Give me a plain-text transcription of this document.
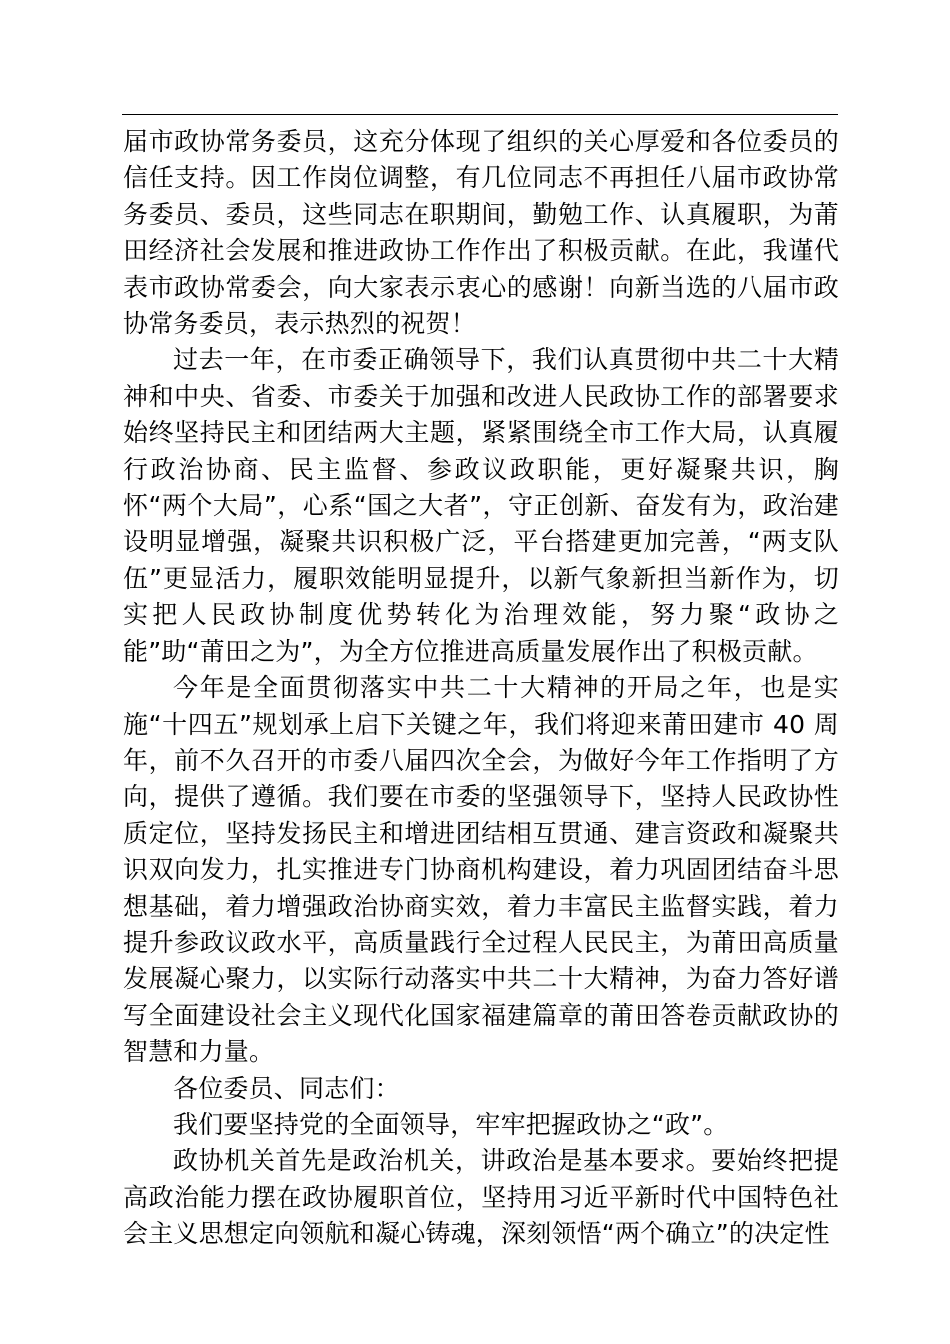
届市政协常务委员，这充分体现了组织的关心厚爱和各位委员的信任支持。因工作岗位调整，有几位同志不再担任八届市政协常务委员、委员，这些同志在职期间，勤勉工作、认真履职，为莆田经济社会发展和推进政协工作作出了积极贡献。在此，我谨代表市政协常委会，向大家表示衷心的感谢！向新当选的八届市政协常务委员，表示热烈的祝贺！

过去一年，在市委正确领导下，我们认真贯彻中共二十大精神和中央、省委、市委关于加强和改进人民政协工作的部署要求始终坚持民主和团结两大主题，紧紧围绕全市工作大局，认真履行政治协商、民主监督、参政议政职能，更好凝聚共识，胸怀“两个大局”，心系“国之大者”，守正创新、奋发有为，政治建设明显增强，凝聚共识积极广泛，平台搭建更加完善，“两支队伍”更显活力，履职效能明显提升，以新气象新担当新作为，切实把人民政协制度优势转化为治理效能，努力聚“政协之能”助“莆田之为”，为全方位推进高质量发展作出了积极贡献。

今年是全面贯彻落实中共二十大精神的开局之年，也是实施“十四五”规划承上启下关键之年，我们将迎来莆田建市 40 周年，前不久召开的市委八届四次全会，为做好今年工作指明了方向，提供了遵循。我们要在市委的坚强领导下，坚持人民政协性质定位，坚持发扬民主和增进团结相互贯通、建言资政和凝聚共识双向发力，扎实推进专门协商机构建设，着力巩固团结奋斗思想基础，着力增强政治协商实效，着力丰富民主监督实践，着力提升参政议政水平，高质量践行全过程人民民主，为莆田高质量发展凝心聚力，以实际行动落实中共二十大精神，为奋力答好谱写全面建设社会主义现代化国家福建篇章的莆田答卷贡献政协的智慧和力量。

各位委员、同志们：

我们要坚持党的全面领导，牢牢把握政协之“政”。

政协机关首先是政治机关，讲政治是基本要求。要始终把提高政治能力摆在政协履职首位，坚持用习近平新时代中国特色社会主义思想定向领航和凝心铸魂，深刻领悟“两个确立”的决定性
